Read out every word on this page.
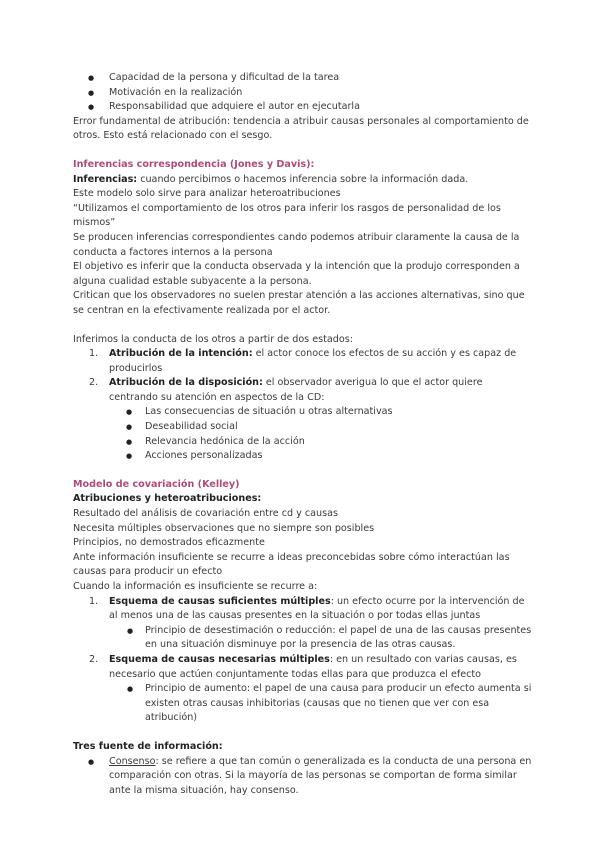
● Capacidad de la persona y dificultad de la tarea
● Motivación en la realización
● Responsabilidad que adquiere el autor en ejecutarla

Error fundamental de atribución: tendencia a atribuir causas personales al comportamiento de otros. Esto está relacionado con el sesgo.

Inferencias correspondencia (Jones y Davis):

Inferencias: cuando percibimos o hacemos inferencia sobre la información dada.

Este modelo solo sirve para analizar heteroatribuciones

“Utilizamos el comportamiento de los otros para inferir los rasgos de personalidad de los mismos”

Se producen inferencias correspondientes cando podemos atribuir claramente la causa de la conducta a factores internos a la persona

El objetivo es inferir que la conducta observada y la intención que la produjo corresponden a alguna cualidad estable subyacente a la persona.

Critican que los observadores no suelen prestar atención a las acciones alternativas, sino que se centran en la efectivamente realizada por el actor.

Inferimos la conducta de los otros a partir de dos estados:

1. Atribución de la intención: el actor conoce los efectos de su acción y es capaz de producirlos
2. Atribución de la disposición: el observador averigua lo que el actor quiere centrando su atención en aspectos de la CD:
● Las consecuencias de situación u otras alternativas
● Deseabilidad social
● Relevancia hedónica de la acción
● Acciones personalizadas

Modelo de covariación (Kelley)

Atribuciones y heteroatribuciones:

Resultado del análisis de covariación entre cd y causas

Necesita múltiples observaciones que no siempre son posibles

Principios, no demostrados eficazmente

Ante información insuficiente se recurre a ideas preconcebidas sobre cómo interactúan las causas para producir un efecto

Cuando la información es insuficiente se recurre a:

1. Esquema de causas suficientes múltiples: un efecto ocurre por la intervención de al menos una de las causas presentes en la situación o por todas ellas juntas
● Principio de desestimación o reducción: el papel de una de las causas presentes en una situación disminuye por la presencia de las otras causas.
2. Esquema de causas necesarias múltiples: en un resultado con varias causas, es necesario que actúen conjuntamente todas ellas para que produzca el efecto
● Principio de aumento: el papel de una causa para producir un efecto aumenta si existen otras causas inhibitorias (causas que no tienen que ver con esa atribución)

Tres fuente de información:

● Consenso: se refiere a que tan común o generalizada es la conducta de una persona en comparación con otras. Si la mayoría de las personas se comportan de forma similar ante la misma situación, hay consenso.
